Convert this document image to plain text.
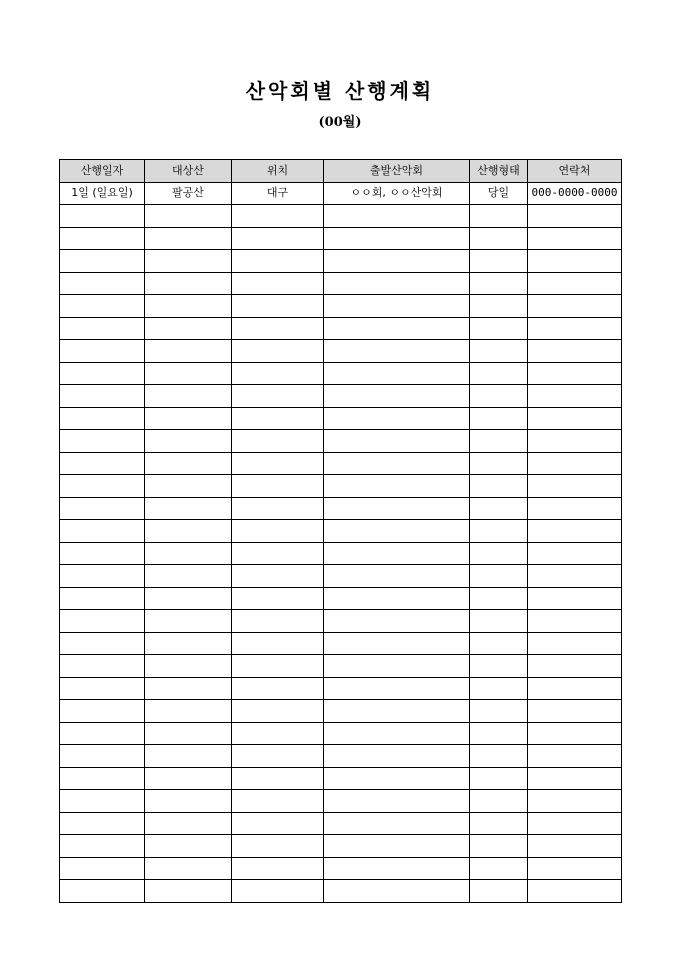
산악회별 산행계획
(00월)
산행일자	대상산	위치	출발산악회	산행형태	연락처
1일 (일요일)	팔공산	대구	ㅇㅇ회, ㅇㅇ산악회	당일	000-0000-0000
